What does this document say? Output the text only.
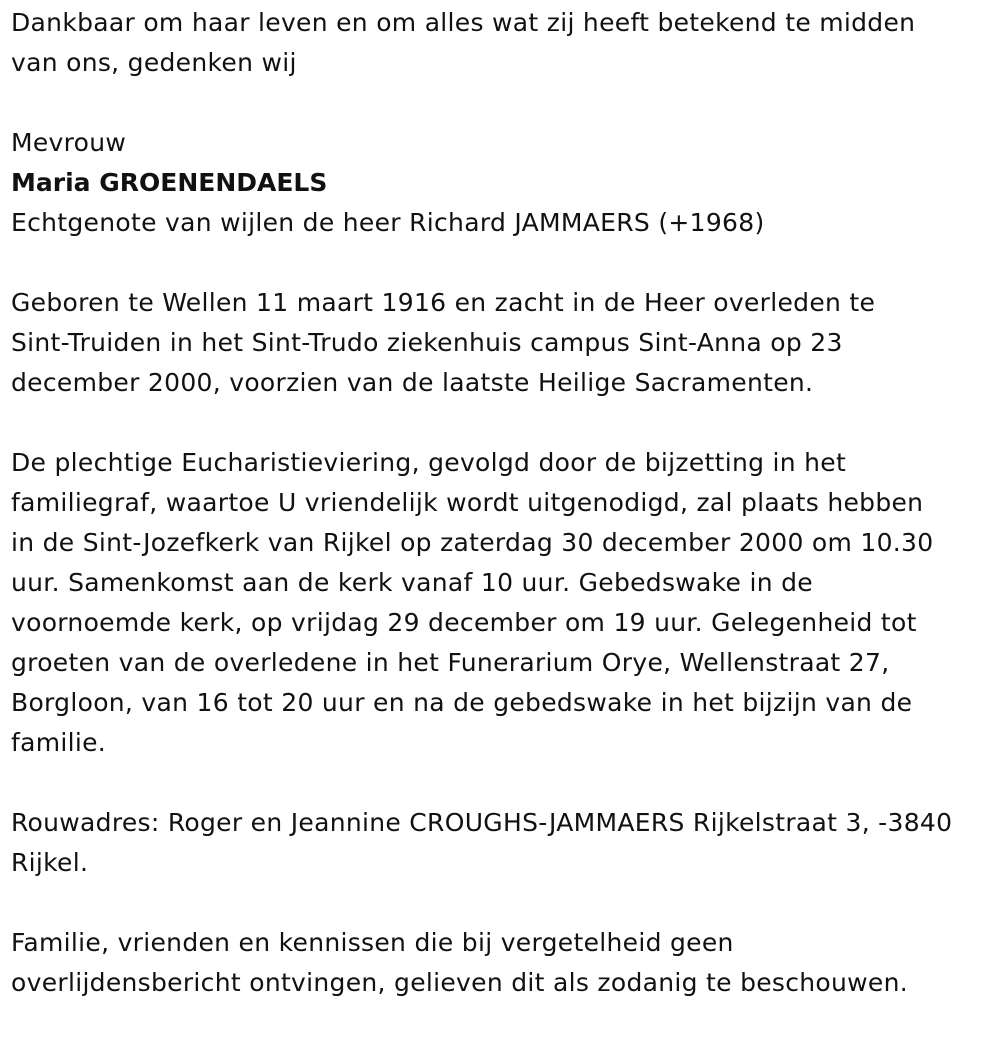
Dankbaar om haar leven en om alles wat zij heeft betekend te midden
van ons, gedenken wij

Mevrouw

Maria GROENENDAELS

Echtgenote van wijlen de heer Richard JAMMAERS (+1968)

Geboren te Wellen 11 maart 1916 en zacht in de Heer overleden te
Sint-Truiden in het Sint-Trudo ziekenhuis campus Sint-Anna op 23
december 2000, voorzien van de laatste Heilige Sacramenten.

De plechtige Eucharistieviering, gevolgd door de bijzetting in het
familiegraf, waartoe U vriendelijk wordt uitgenodigd, zal plaats hebben
in de Sint-Jozefkerk van Rijkel op zaterdag 30 december 2000 om 10.30
uur. Samenkomst aan de kerk vanaf 10 uur. Gebedswake in de
voornoemde kerk, op vrijdag 29 december om 19 uur. Gelegenheid tot
groeten van de overledene in het Funerarium Orye, Wellenstraat 27,
Borgloon, van 16 tot 20 uur en na de gebedswake in het bijzijn van de
familie.

Rouwadres: Roger en Jeannine CROUGHS-JAMMAERS Rijkelstraat 3, -3840
Rijkel.

Familie, vrienden en kennissen die bij vergetelheid geen
overlijdensbericht ontvingen, gelieven dit als zodanig te beschouwen.
